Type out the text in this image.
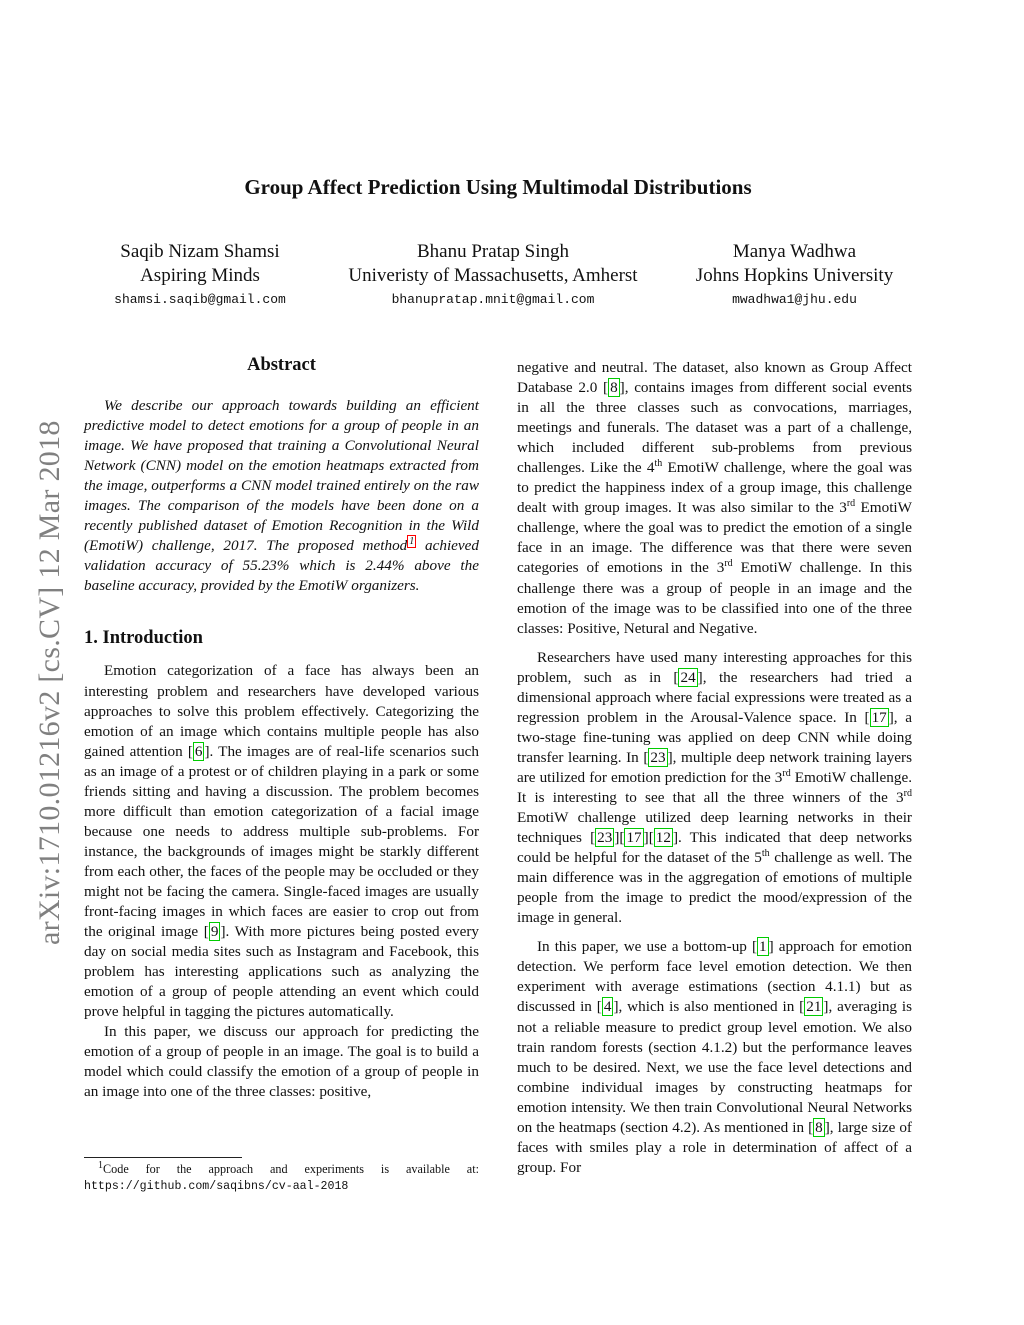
arXiv:1710.01216v2 [cs.CV] 12 Mar 2018
Group Affect Prediction Using Multimodal Distributions
Saqib Nizam Shamsi
Aspiring Minds
shamsi.saqib@gmail.com
Bhanu Pratap Singh
Univeristy of Massachusetts, Amherst
bhanupratap.mnit@gmail.com
Manya Wadhwa
Johns Hopkins University
mwadhwa1@jhu.edu
Abstract

We describe our approach towards building an efficient predictive model to detect emotions for a group of people in an image. We have proposed that training a Convolutional Neural Network (CNN) model on the emotion heatmaps extracted from the image, outperforms a CNN model trained entirely on the raw images. The comparison of the models have been done on a recently published dataset of Emotion Recognition in the Wild (EmotiW) challenge, 2017. The proposed method $^1$ achieved validation accuracy of 55.23% which is 2.44% above the baseline accuracy, provided by the EmotiW organizers.

1. Introduction

Emotion categorization of a face has always been an interesting problem and researchers have developed various approaches to solve this problem effectively. Categorizing the emotion of an image which contains multiple people has also gained attention [ 6 ]. The images are of real-life scenarios such as an image of a protest or of children playing in a park or some friends sitting and having a discussion. The problem becomes more difficult than emotion categorization of a facial image because one needs to address multiple sub-problems. For instance, the backgrounds of images might be starkly different from each other, the faces of the people may be occluded or they might not be facing the camera. Single-faced images are usually front-facing images in which faces are easier to crop out from the original image [ 9 ]. With more pictures being posted every day on social media sites such as Instagram and Facebook, this problem has interesting applications such as analyzing the emotion of a group of people attending an event which could prove helpful in tagging the pictures automatically.

In this paper, we discuss our approach for predicting the emotion of a group of people in an image. The goal is to build a model which could classify the emotion of a group of people in an image into one of the three classes: positive,

$^1$Code for the approach and experiments is available at:
https://github.com/saqibns/cv-aal-2018

negative and neutral. The dataset, also known as Group Affect Database 2.0 [ 8 ], contains images from different social events in all the three classes such as convocations, marriages, meetings and funerals. The dataset was a part of a challenge, which included different sub-problems from previous challenges. Like the 4th EmotiW challenge, where the goal was to predict the happiness index of a group image, this challenge dealt with group images. It was also similar to the 3rd EmotiW challenge, where the goal was to predict the emotion of a single face in an image. The difference was that there were seven categories of emotions in the 3rd EmotiW challenge. In this challenge there was a group of people in an image and the emotion of the image was to be classified into one of the three classes: Positive, Netural and Negative.

Researchers have used many interesting approaches for this problem, such as in [ 24 ], the researchers had tried a dimensional approach where facial expressions were treated as a regression problem in the Arousal-Valence space. In [ 17 ], a two-stage fine-tuning was applied on deep CNN while doing transfer learning. In [ 23 ], multiple deep network training layers are utilized for emotion prediction for the 3rd EmotiW challenge. It is interesting to see that all the three winners of the 3rd EmotiW challenge utilized deep learning networks in their techniques [ 23 ][ 17 ][ 12 ]. This indicated that deep networks could be helpful for the dataset of the 5th challenge as well. The main difference was in the aggregation of emotions of multiple people from the image to predict the mood/expression of the image in general.

In this paper, we use a bottom-up [ 1 ] approach for emotion detection. We perform face level emotion detection. We then experiment with average estimations (section 4.1.1) but as discussed in [ 4 ], which is also mentioned in [ 21 ], averaging is not a reliable measure to predict group level emotion. We also train random forests (section 4.1.2) but the performance leaves much to be desired. Next, we use the face level detections and combine individual images by constructing heatmaps for emotion intensity. We then train Convolutional Neural Networks on the heatmaps (section 4.2). As mentioned in [ 8 ], large size of faces with smiles play a role in determination of affect of a group. For
